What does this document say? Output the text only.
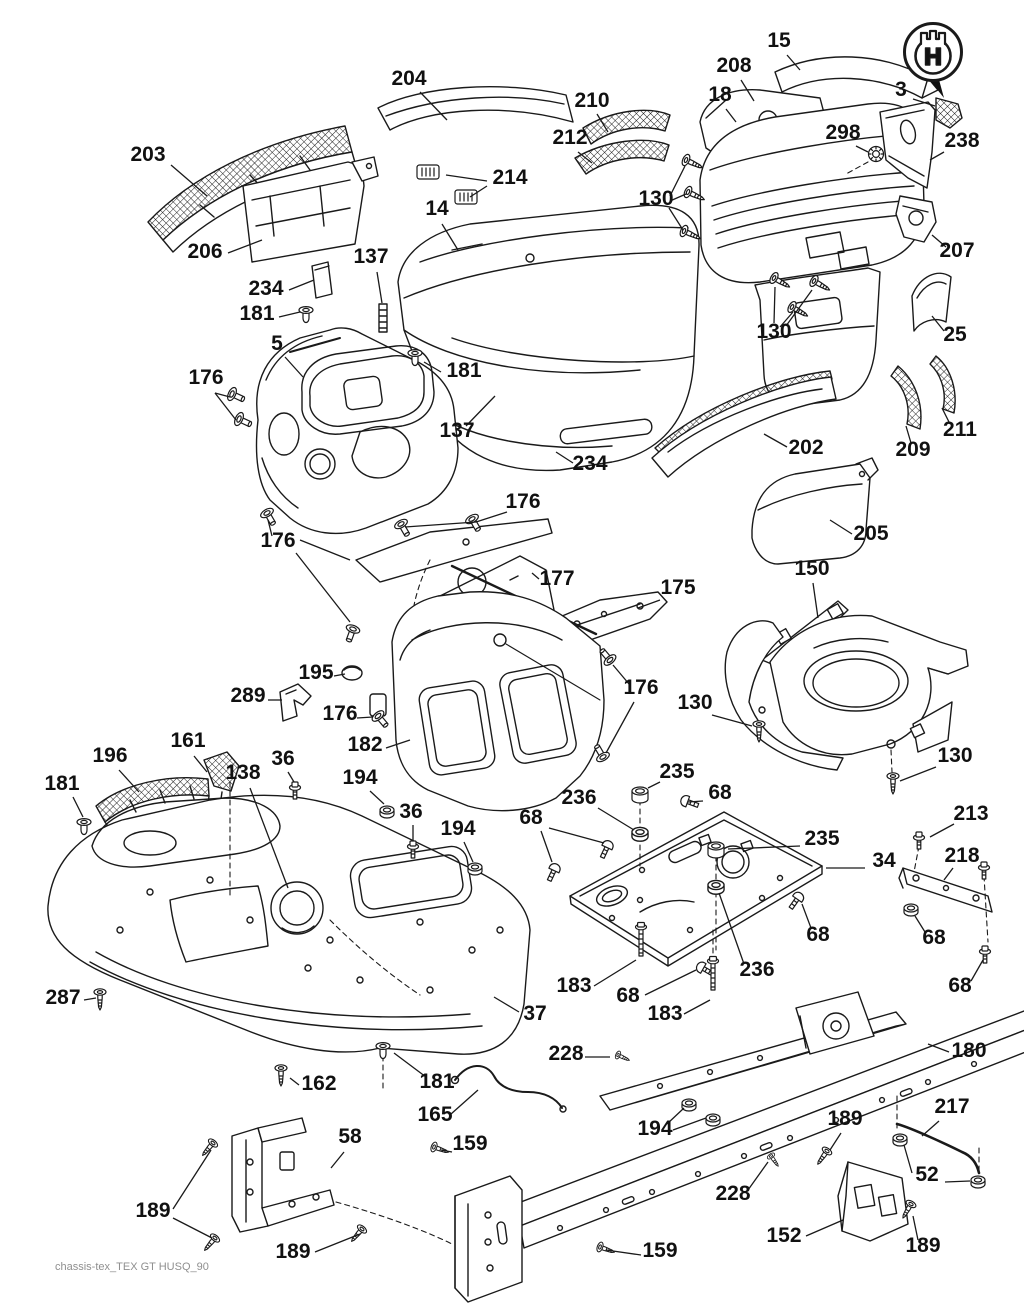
H
204
203
206
234
181
5
176
137
214
14
181
137
210
212
15
208
18	3
298	238
130
207
25
130
202
211
209
205
150
177	175
176
176
195
289
176
182
176
196
161
138
36
194
36
194
181
287
235
236	68
68
235
34
213
218
68	68
68
236
183 68
183
37
162	181
165
228	180
194	189
217
52
228
152	189
58	159
189
189	159
130
130
234
chassis-tex_TEX GT HUSQ_90
